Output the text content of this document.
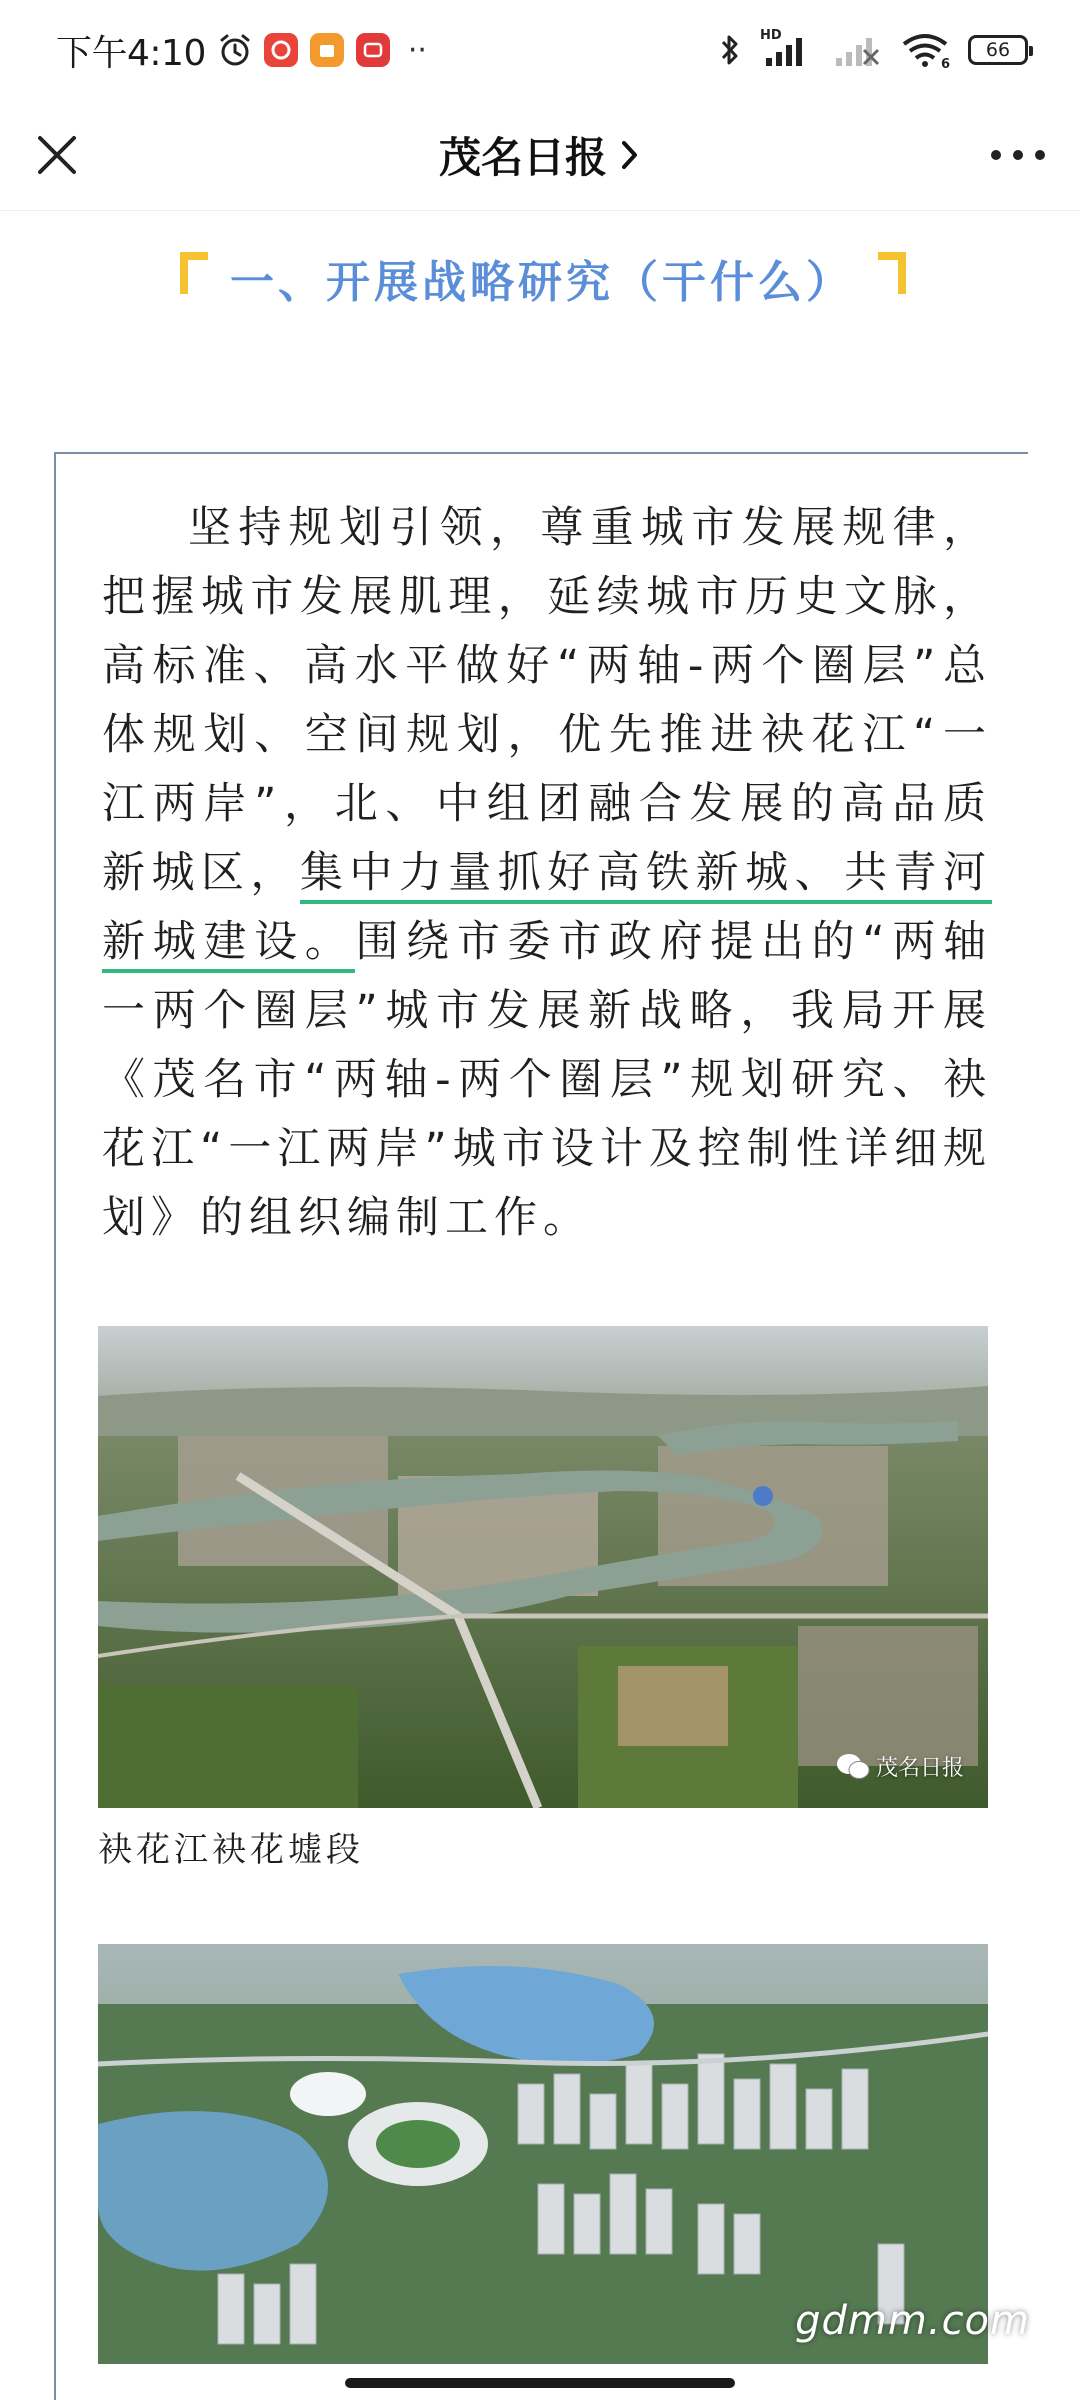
下午4:10	··	HD
6
66
茂名日报
一、开展战略研究（干什么）

坚持规划引领，尊重城市发展规律，把握城市发展肌理，延续城市历史文脉，高标准、高水平做好“两轴-两个圈层”总体规划、空间规划，优先推进袂花江“一江两岸”，北、中组团融合发展的高品质新城区，集中力量抓好高铁新城、共青河新城建设。围绕市委市政府提出的“两轴一两个圈层”城市发展新战略，我局开展《茂名市“两轴-两个圈层”规划研究、袂花江“一江两岸”城市设计及控制性详细规划》的组织编制工作。

茂名日报
袂花江袂花墟段
gdmm.com
